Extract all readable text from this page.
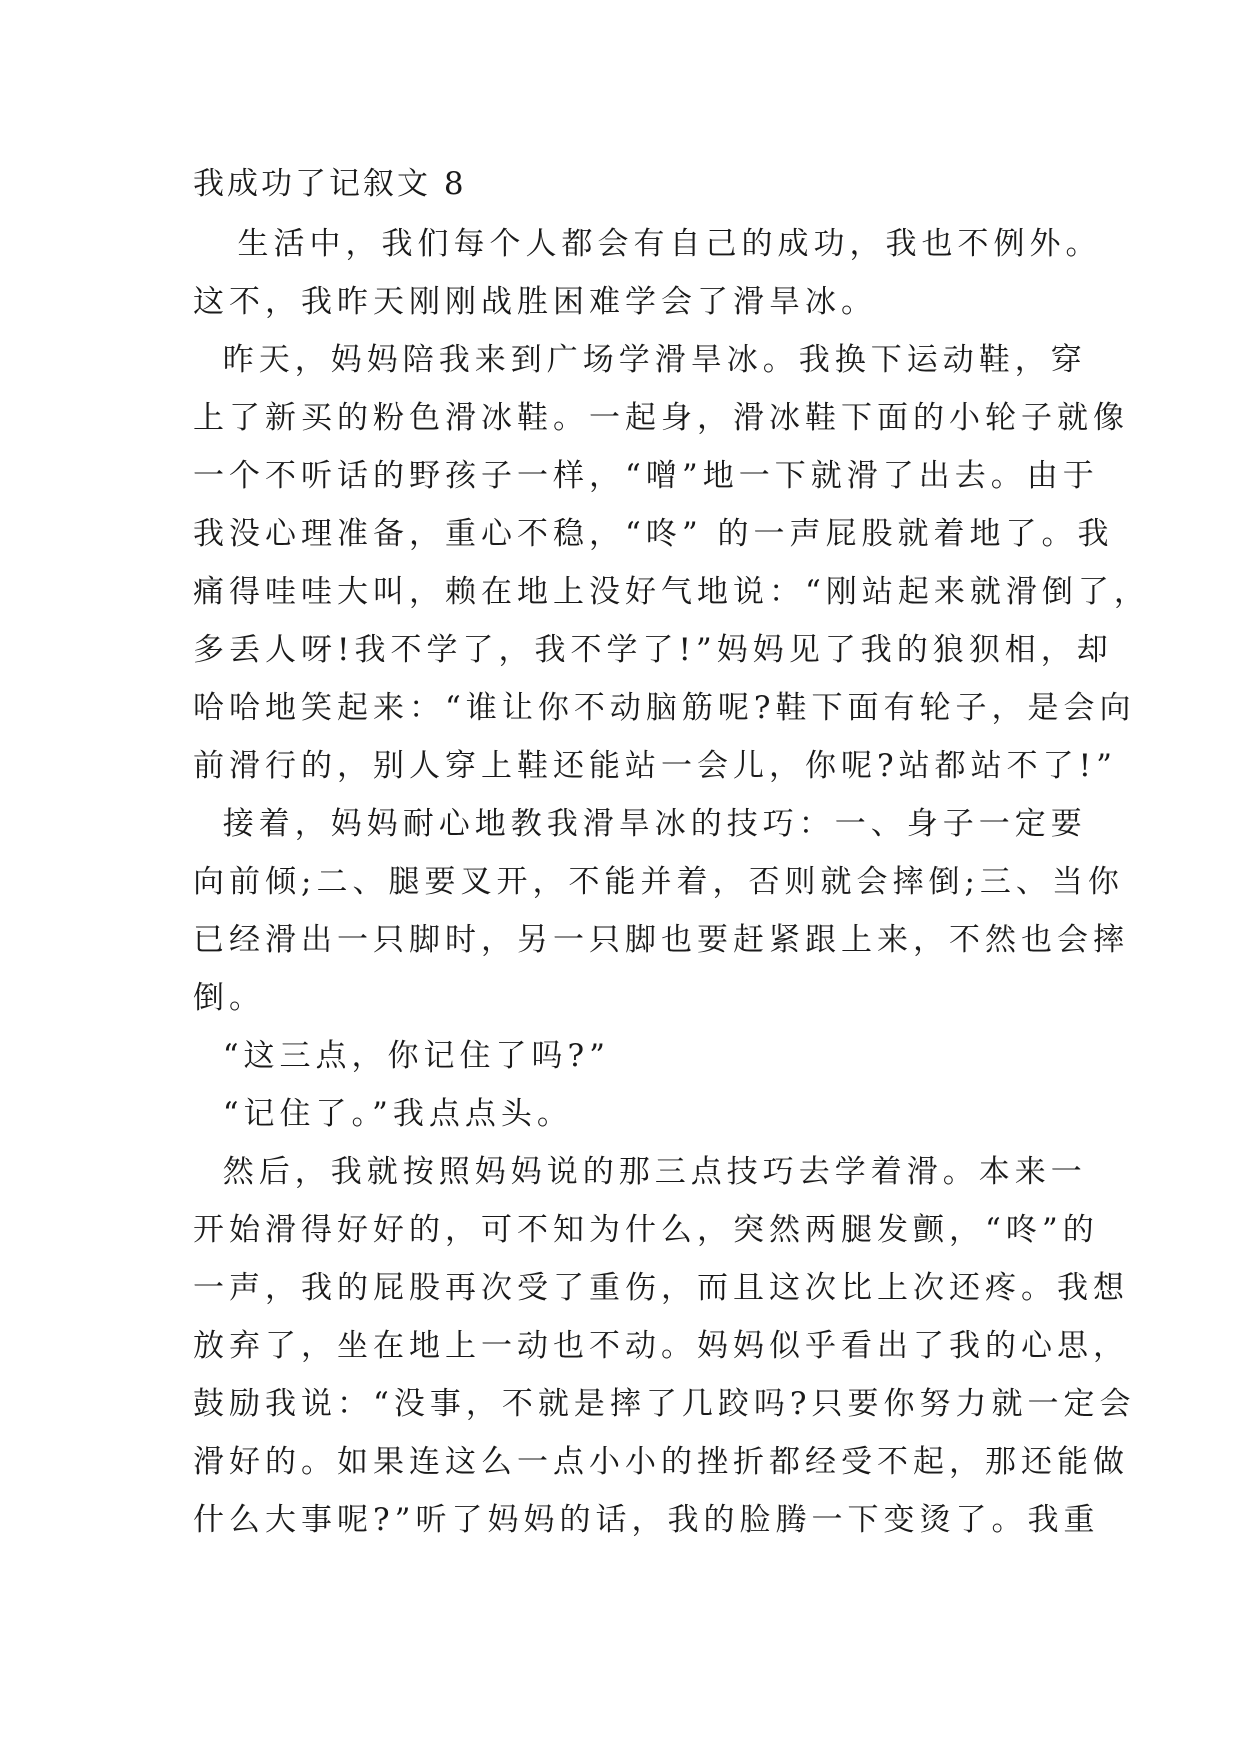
我成功了记叙文 8

生活中，我们每个人都会有自己的成功，我也不例外。

这不，我昨天刚刚战胜困难学会了滑旱冰。

昨天，妈妈陪我来到广场学滑旱冰。我换下运动鞋，穿

上了新买的粉色滑冰鞋。一起身，滑冰鞋下面的小轮子就像

一个不听话的野孩子一样，“噌”地一下就滑了出去。由于

我没心理准备，重心不稳，“咚” 的一声屁股就着地了。我

痛得哇哇大叫，赖在地上没好气地说：“刚站起来就滑倒了，

多丢人呀!我不学了，我不学了!”妈妈见了我的狼狈相，却

哈哈地笑起来：“谁让你不动脑筋呢?鞋下面有轮子，是会向

前滑行的，别人穿上鞋还能站一会儿，你呢?站都站不了!”

接着，妈妈耐心地教我滑旱冰的技巧：一、身子一定要

向前倾;二、腿要叉开，不能并着，否则就会摔倒;三、当你

已经滑出一只脚时，另一只脚也要赶紧跟上来，不然也会摔

倒。

“这三点，你记住了吗?”

“记住了。”我点点头。

然后，我就按照妈妈说的那三点技巧去学着滑。本来一

开始滑得好好的，可不知为什么，突然两腿发颤，“咚”的

一声，我的屁股再次受了重伤，而且这次比上次还疼。我想

放弃了，坐在地上一动也不动。妈妈似乎看出了我的心思，

鼓励我说：“没事，不就是摔了几跤吗?只要你努力就一定会

滑好的。如果连这么一点小小的挫折都经受不起，那还能做

什么大事呢?”听了妈妈的话，我的脸腾一下变烫了。我重
